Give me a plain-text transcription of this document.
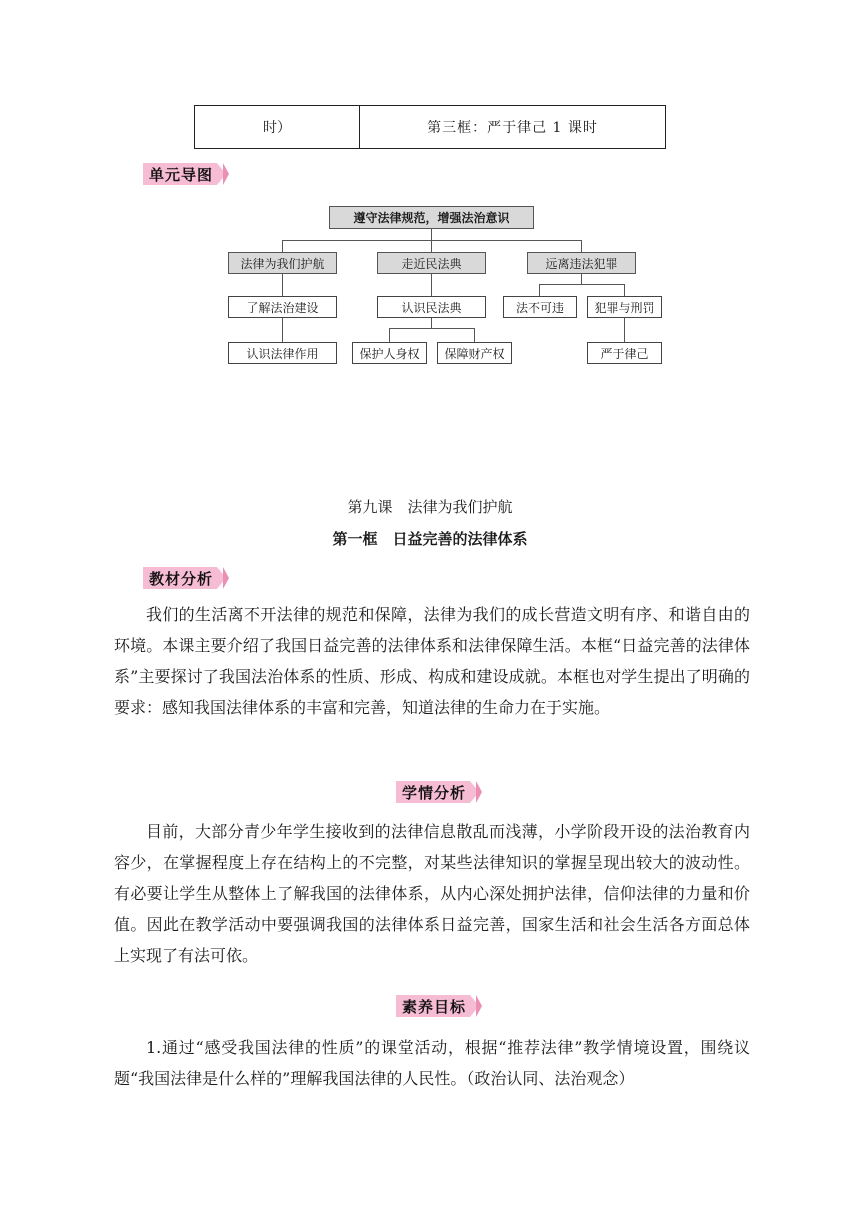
时）	第三框：严于律己 1 课时
单元导图
遵守法律规范，增强法治意识
法律为我们护航
了解法治建设
认识法律作用
走近民法典
认识民法典
保护人身权	保障财产权
远离违法犯罪
法不可违	犯罪与刑罚
严于律己
第九课　法律为我们护航
第一框　日益完善的法律体系
教材分析

我们的生活离不开法律的规范和保障，法律为我们的成长营造文明有序、和谐自由的环境。本课主要介绍了我国日益完善的法律体系和法律保障生活。本框“日益完善的法律体系”主要探讨了我国法治体系的性质、形成、构成和建设成就。本框也对学生提出了明确的要求：感知我国法律体系的丰富和完善，知道法律的生命力在于实施。

学情分析

目前，大部分青少年学生接收到的法律信息散乱而浅薄，小学阶段开设的法治教育内容少，在掌握程度上存在结构上的不完整，对某些法律知识的掌握呈现出较大的波动性。有必要让学生从整体上了解我国的法律体系，从内心深处拥护法律，信仰法律的力量和价值。因此在教学活动中要强调我国的法律体系日益完善，国家生活和社会生活各方面总体上实现了有法可依。

素养目标

1.通过“感受我国法律的性质”的课堂活动，根据“推荐法律”教学情境设置，围绕议题“我国法律是什么样的”理解我国法律的人民性。（政治认同、法治观念）
